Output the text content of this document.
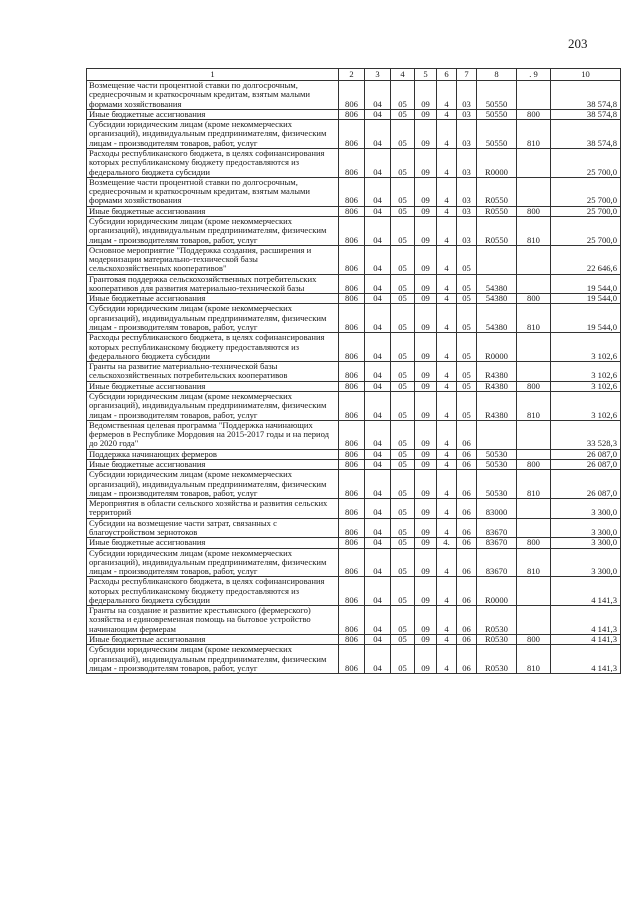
203
1	2	3	4	5	6	7	8	. 9	10
Возмещение части процентной ставки по долгосрочным, среднесрочным и краткосрочным кредитам, взятым малыми формами хозяйствования	806	04	05	09	4	03	50550		38 574,8
Иные бюджетные ассигнования	806	04	05	09	4	03	50550	800	38 574,8
Субсидии юридическим лицам (кроме некоммерческих организаций), индивидуальным предпринимателям, физическим лицам - производителям товаров, работ, услуг	806	04	05	09	4	03	50550	810	38 574,8
Расходы республиканского бюджета, в целях софинансирования которых республиканскому бюджету предоставляются из федерального бюджета субсидии	806	04	05	09	4	03	R0000		25 700,0
Возмещение части процентной ставки по долгосрочным, среднесрочным и краткосрочным кредитам, взятым малыми формами хозяйствования	806	04	05	09	4	03	R0550		25 700,0
Иные бюджетные ассигнования	806	04	05	09	4	03	R0550	800	25 700,0
Субсидии юридическим лицам (кроме некоммерческих организаций), индивидуальным предпринимателям, физическим лицам - производителям товаров, работ, услуг	806	04	05	09	4	03	R0550	810	25 700,0
Основное мероприятие "Поддержка создания, расширения и модернизации материально-технической базы сельскохозяйственных кооперативов"	806	04	05	09	4	05			22 646,6
Грантовая поддержка сельскохозяйственных потребительских кооперативов для развития материально-технической базы	806	04	05	09	4	05	54380		19 544,0
Иные бюджетные ассигнования	806	04	05	09	4	05	54380	800	19 544,0
Субсидии юридическим лицам (кроме некоммерческих организаций), индивидуальным предпринимателям, физическим лицам - производителям товаров, работ, услуг	806	04	05	09	4	05	54380	810	19 544,0
Расходы республиканского бюджета, в целях софинансирования которых республиканскому бюджету предоставляются из федерального бюджета субсидии	806	04	05	09	4	05	R0000		3 102,6
Гранты на развитие материально-технической базы сельскохозяйственных потребительских кооперативов	806	04	05	09	4	05	R4380		3 102,6
Иные бюджетные ассигнования	806	04	05	09	4	05	R4380	800	3 102,6
Субсидии юридическим лицам (кроме некоммерческих организаций), индивидуальным предпринимателям, физическим лицам - производителям товаров, работ, услуг	806	04	05	09	4	05	R4380	810	3 102,6
Ведомственная целевая программа "Поддержка начинающих фермеров в Республике Мордовия на 2015-2017 годы и на период до 2020 года"	806	04	05	09	4	06			33 528,3
Поддержка начинающих фермеров	806	04	05	09	4	06	50530		26 087,0
Иные бюджетные ассигнования	806	04	05	09	4	06	50530	800	26 087,0
Субсидии юридическим лицам (кроме некоммерческих организаций), индивидуальным предпринимателям, физическим лицам - производителям товаров, работ, услуг	806	04	05	09	4	06	50530	810	26 087,0
Мероприятия в области сельского хозяйства и развития сельских территорий	806	04	05	09	4	06	83000		3 300,0
Субсидии на возмещение части затрат, связанных с благоустройством зернотоков	806	04	05	09	4	06	83670		3 300,0
Иные бюджетные ассигнования	806	04	05	09	4.	06	83670	800	3 300,0
Субсидии юридическим лицам (кроме некоммерческих организаций), индивидуальным предпринимателям, физическим лицам - производителям товаров, работ, услуг	806	04	05	09	4	06	83670	810	3 300,0
Расходы республиканского бюджета, в целях софинансирования которых республиканскому бюджету предоставляются из федерального бюджета субсидии	806	04	05	09	4	06	R0000		4 141,3
Гранты на создание и развитие крестьянского (фермерского) хозяйства и единовременная помощь на бытовое устройство начинающим фермерам	806	04	05	09	4	06	R0530		4 141,3
Иные бюджетные ассигнования	806	04	05	09	4	06	R0530	800	4 141,3
Субсидии юридическим лицам (кроме некоммерческих организаций), индивидуальным предпринимателям, физическим лицам - производителям товаров, работ, услуг	806	04	05	09	4	06	R0530	810	4 141,3
